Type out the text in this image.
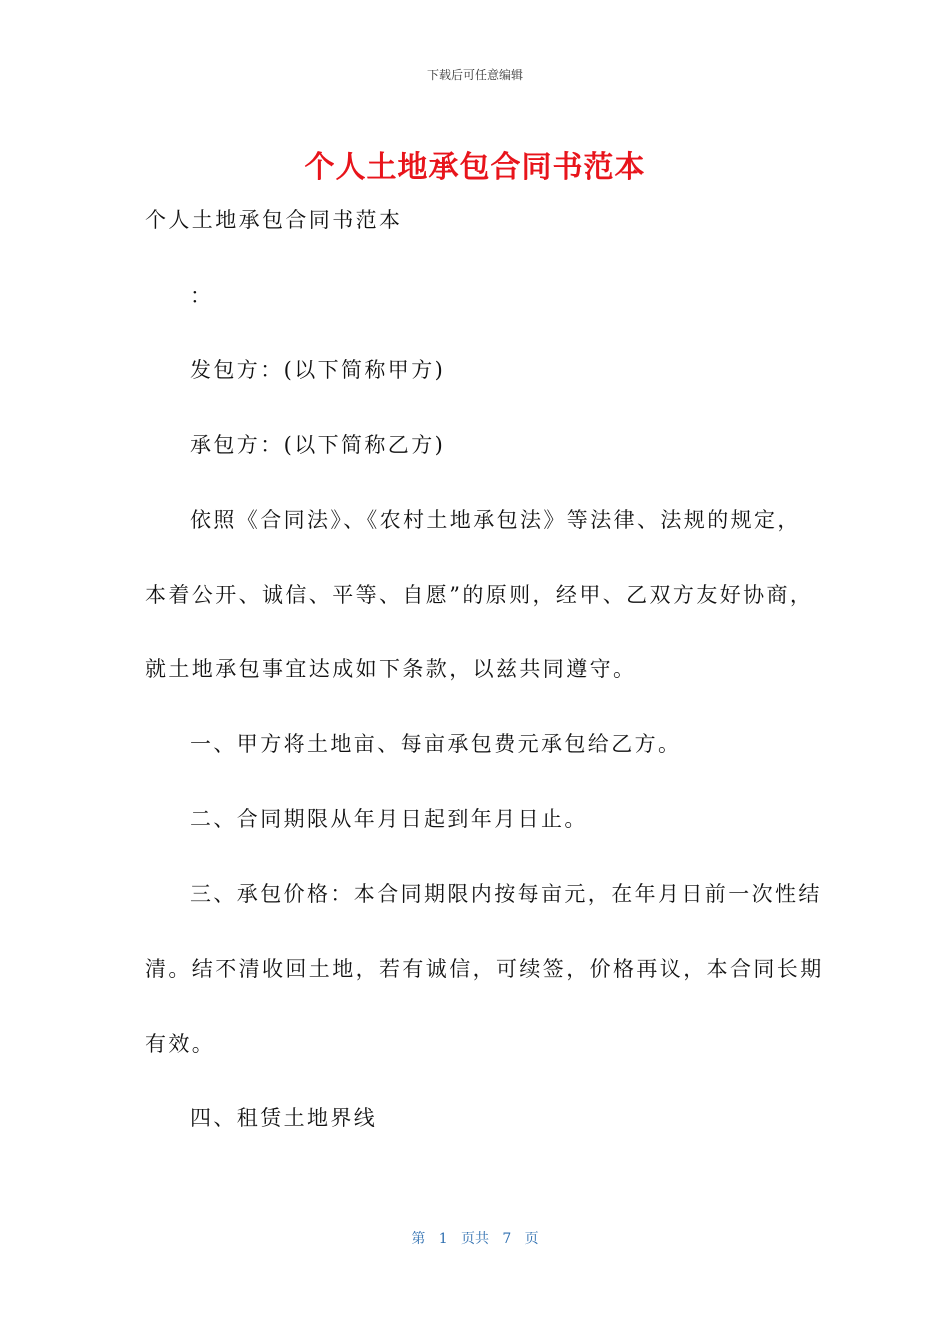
下载后可任意编辑
个人土地承包合同书范本
个人土地承包合同书范本
：
发包方：(以下简称甲方)
承包方：(以下简称乙方)
依照《合同法》、《农村土地承包法》等法律、法规的规定，
本着公开、诚信、平等、自愿”的原则，经甲、乙双方友好协商，
就土地承包事宜达成如下条款，以兹共同遵守。
一、甲方将土地亩、每亩承包费元承包给乙方。
二、合同期限从年月日起到年月日止。
三、承包价格：本合同期限内按每亩元，在年月日前一次性结
清。结不清收回土地，若有诚信，可续签，价格再议，本合同长期
有效。
四、租赁土地界线
第 1 页共 7 页
